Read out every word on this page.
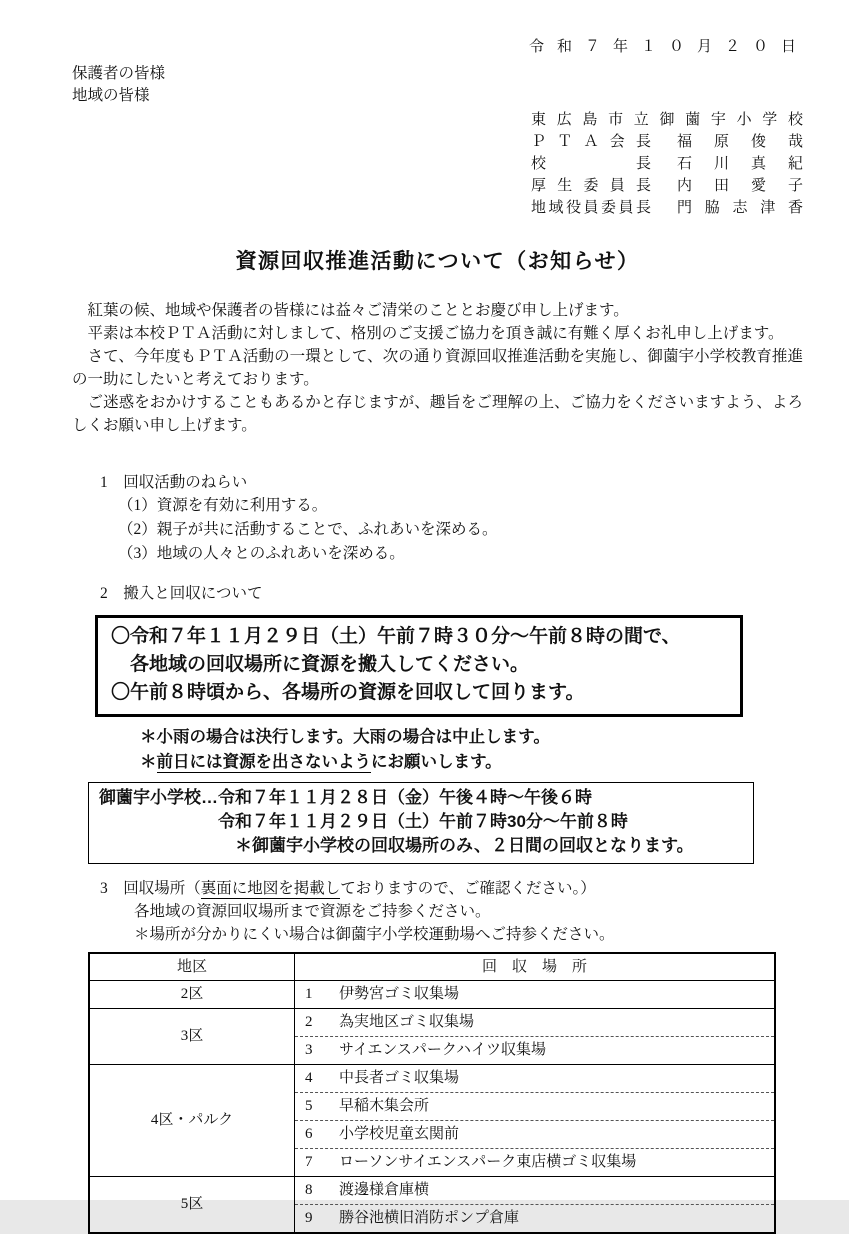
令和７年１０月２０日
保護者の皆様
地域の皆様
東広島市立御薗宇小学校
ＰＴＡ会長 福原俊哉
校長 石川真紀
厚生委員長 内田愛子
地域役員委員長 門脇志津香
資源回収推進活動について（お知らせ）

　紅葉の候、地域や保護者の皆様には益々ご清栄のこととお慶び申し上げます。

　平素は本校ＰＴＡ活動に対しまして、格別のご支援ご協力を頂き誠に有難く厚くお礼申し上げます。

　さて、今年度もＰＴＡ活動の一環として、次の通り資源回収推進活動を実施し、御薗宇小学校教育推進の一助にしたいと考えております。

　ご迷惑をおかけすることもあるかと存じますが、趣旨をご理解の上、ご協力をくださいますよう、よろしくお願い申し上げます。

1　回収活動のねらい
（1）資源を有効に利用する。
（2）親子が共に活動することで、ふれあいを深める。
（3）地域の人々とのふれあいを深める。
2　搬入と回収について
〇令和７年１１月２９日（土）午前７時３０分～午前８時の間で、
　各地域の回収場所に資源を搬入してください。
〇午前８時頃から、各場所の資源を回収して回ります。
＊小雨の場合は決行します。大雨の場合は中止します。
＊前日には資源を出さないようにお願いします。
御薗宇小学校…令和７年１１月２８日（金）午後４時～午後６時
　　　　　　　令和７年１１月２９日（土）午前７時30分～午前８時
　　　　　　　　＊御薗宇小学校の回収場所のみ、２日間の回収となります。
3　回収場所（裏面に地図を掲載しておりますので、ご確認ください。）
各地域の資源回収場所まで資源をご持参ください。
＊場所が分かりにくい場合は御薗宇小学校運動場へご持参ください。
地区	回　収　場　所
2区	1 伊勢宮ゴミ収集場
3区	2 為実地区ゴミ収集場
	3 サイエンスパークハイツ収集場
4区・パルク	4 中長者ゴミ収集場
	5 早稲木集会所
	6 小学校児童玄関前
	7 ローソンサイエンスパーク東店横ゴミ収集場
5区	8 渡邊様倉庫横
	9 勝谷池横旧消防ポンプ倉庫
